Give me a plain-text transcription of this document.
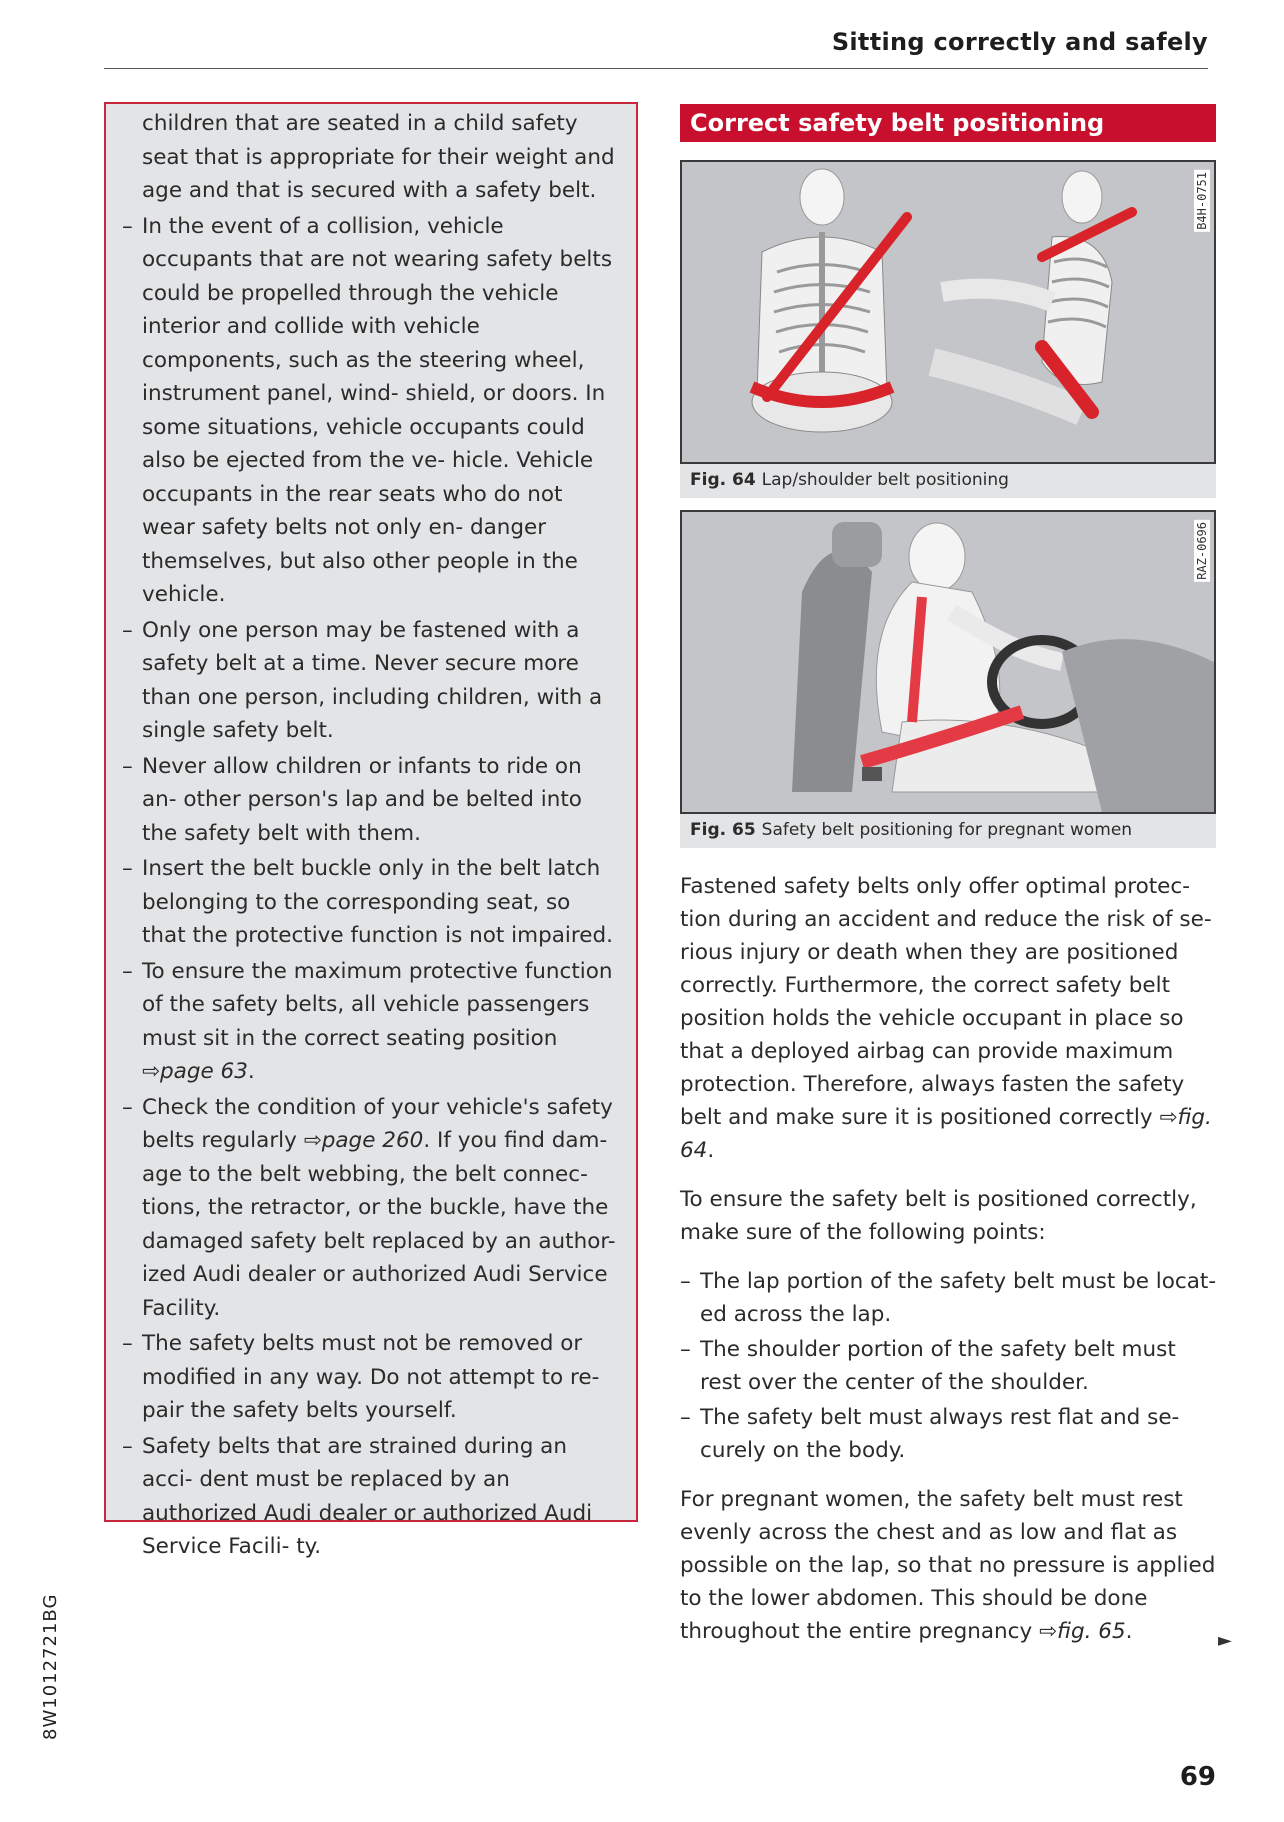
Sitting correctly and safely

children that are seated in a child safety seat that is appropriate for their weight and age and that is secured with a safety belt.

– In the event of a collision, vehicle occupants that are not wearing safety belts could be propelled through the vehicle interior and collide with vehicle components, such as the steering wheel, instrument panel, wind- shield, or doors. In some situations, vehicle occupants could also be ejected from the ve- hicle. Vehicle occupants in the rear seats who do not wear safety belts not only en- danger themselves, but also other people in the vehicle.
– Only one person may be fastened with a safety belt at a time. Never secure more than one person, including children, with a single safety belt.
– Never allow children or infants to ride on an- other person's lap and be belted into the safety belt with them.
– Insert the belt buckle only in the belt latch belonging to the corresponding seat, so that the protective function is not impaired.
– To ensure the maximum protective function of the safety belts, all vehicle passengers must sit in the correct seating position ⇨page 63.
– Check the condition of your vehicle's safety belts regularly ⇨page 260. If you find dam- age to the belt webbing, the belt connec- tions, the retractor, or the buckle, have the damaged safety belt replaced by an author- ized Audi dealer or authorized Audi Service Facility.
– The safety belts must not be removed or modified in any way. Do not attempt to re- pair the safety belts yourself.
– Safety belts that are strained during an acci- dent must be replaced by an authorized Audi dealer or authorized Audi Service Facili- ty.
Correct safety belt positioning
B4H-0751
Fig. 64 Lap/shoulder belt positioning
RAZ-0696
Fig. 65 Safety belt positioning for pregnant women

Fastened safety belts only offer optimal protec- tion during an accident and reduce the risk of se- rious injury or death when they are positioned correctly. Furthermore, the correct safety belt position holds the vehicle occupant in place so that a deployed airbag can provide maximum protection. Therefore, always fasten the safety belt and make sure it is positioned correctly ⇨fig. 64.

To ensure the safety belt is positioned correctly, make sure of the following points:

– The lap portion of the safety belt must be locat- ed across the lap.
– The shoulder portion of the safety belt must rest over the center of the shoulder.
– The safety belt must always rest flat and se- curely on the body.

For pregnant women, the safety belt must rest evenly across the chest and as low and flat as possible on the lap, so that no pressure is applied to the lower abdomen. This should be done throughout the entire pregnancy ⇨fig. 65.	►
8W1012721BG
69
